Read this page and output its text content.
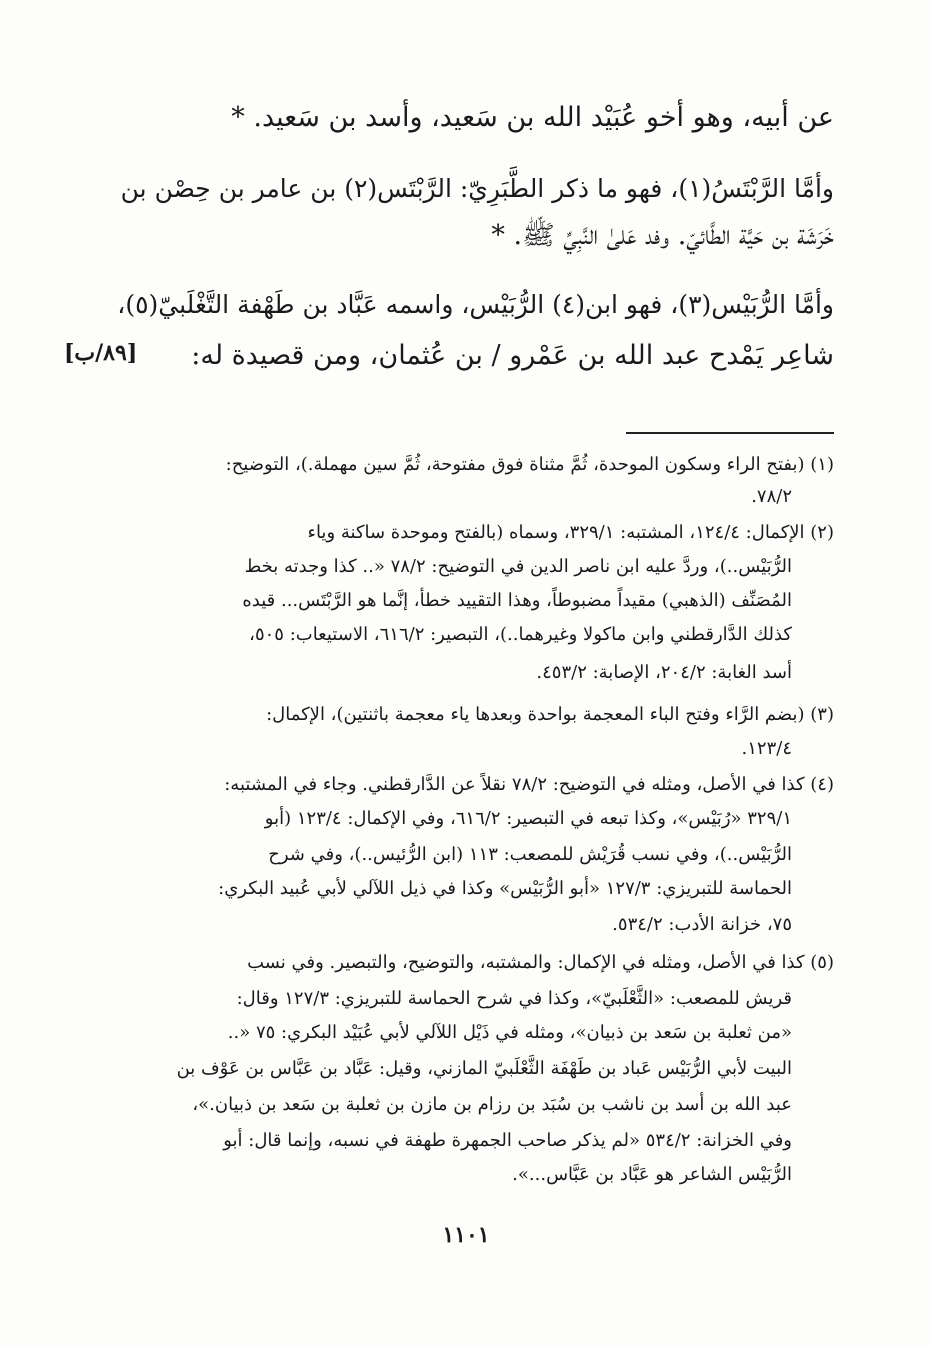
عن أبيه، وهو أخو عُبَيْد الله بن سَعيد، وأسد بن سَعيد. *
وأمَّا الرَّبْتَسُ(١)، فهو ما ذكر الطَّبَرِيّ: الرَّبْتَس(٢) بن عامر بن حِصْن بن
خَرَشَة بن حَيَّة الطَّائيّ. وفد عَلىٰ النَّبِيِّ ﷺ. *
وأمَّا الرُّبَيْس(٣)، فهو ابن(٤) الرُّبَيْس، واسمه عَبَّاد بن طَهْفة التَّغْلَبيّ(٥)،
شاعِر يَمْدح عبد الله بن عَمْرو / بن عُثمان، ومن قصيدة له:
[٨٩/ب]
(١) (بفتح الراء وسكون الموحدة، ثُمَّ مثناة فوق مفتوحة، ثُمَّ سين مهملة.)، التوضيح:
٧٨/٢.
(٢) الإكمال: ١٢٤/٤، المشتبه: ٣٢٩/١، وسماه (بالفتح وموحدة ساكنة وياء
الرُّبَيْس..)، وردَّ عليه ابن ناصر الدين في التوضيح: ٧٨/٢ «.. كذا وجدته بخط
المُصَنِّف (الذهبي) مقيداً مضبوطاً، وهذا التقييد خطأ، إنَّما هو الرَّبْتَس... قيده
كذلك الدَّارقطني وابن ماكولا وغيرهما..)، التبصير: ٦١٦/٢، الاستيعاب: ٥٠٥،
أسد الغابة: ٢٠٤/٢، الإصابة: ٤٥٣/٢.
(٣) (بضم الرَّاء وفتح الباء المعجمة بواحدة وبعدها ياء معجمة باثنتين)، الإكمال:
١٢٣/٤.
(٤) كذا في الأصل، ومثله في التوضيح: ٧٨/٢ نقلاً عن الدَّارقطني. وجاء في المشتبه:
٣٢٩/١ «رُبَيْس»، وكذا تبعه في التبصير: ٦١٦/٢، وفي الإكمال: ١٢٣/٤ (أبو
الرُّبَيْس..)، وفي نسب قُرَيْش للمصعب: ١١٣ (ابن الرُّئيس..)، وفي شرح
الحماسة للتبريزي: ١٢٧/٣ «أبو الرُّبَيْس» وكذا في ذيل اللآلي لأبي عُبيد البكري:
٧٥، خزانة الأدب: ٥٣٤/٢.
(٥) كذا في الأصل، ومثله في الإكمال: والمشتبه، والتوضيح، والتبصير. وفي نسب
قريش للمصعب: «الثَّعْلَبيّ»، وكذا في شرح الحماسة للتبريزي: ١٢٧/٣ وقال:
«من ثعلبة بن سَعد بن ذبيان»، ومثله في ذَيْل اللآلي لأبي عُبَيْد البكري: ٧٥ «..
البيت لأبي الرُّبَيْس عَباد بن طَهْفَة الثَّعْلَبيّ المازني، وقيل: عَبَّاد بن عَبَّاس بن عَوْف بن
عبد الله بن أسد بن ناشب بن سُبَد بن رزام بن مازن بن ثعلبة بن سَعد بن ذبيان.»،
وفي الخزانة: ٥٣٤/٢ «لم يذكر صاحب الجمهرة طهفة في نسبه، وإنما قال: أبو
الرُّبَيْس الشاعر هو عَبَّاد بن عَبَّاس...».
١١٠١
